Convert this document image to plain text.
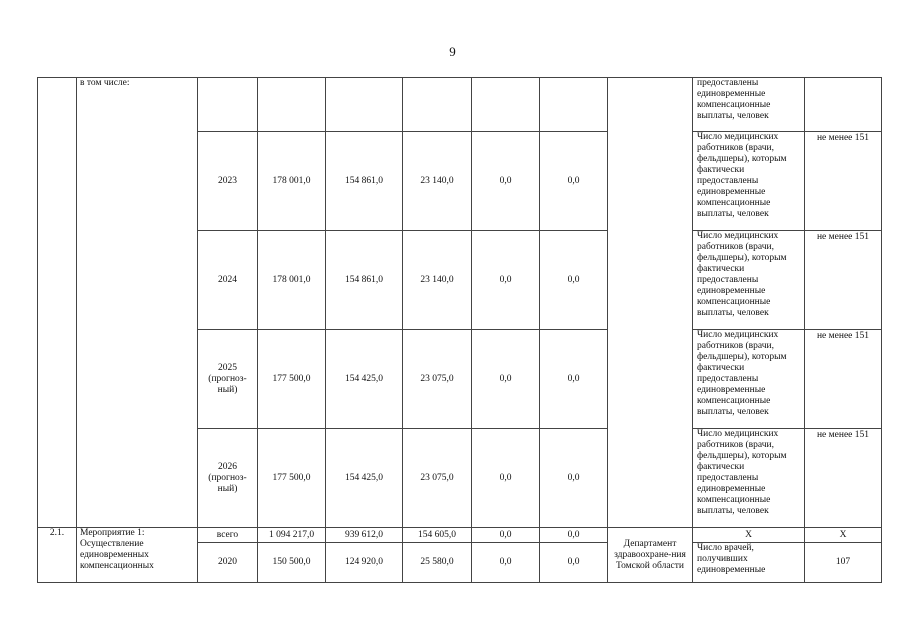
9
	в том числе:								предоставлены единовременные компенсационные выплаты, человек	
		2023	178 001,0	154 861,0	23 140,0	0,0	0,0		Число медицинских работников (врачи, фельдшеры), которым фактически предоставлены единовременные компенсационные выплаты, человек	не менее 151
		2024	178 001,0	154 861,0	23 140,0	0,0	0,0		Число медицинских работников (врачи, фельдшеры), которым фактически предоставлены единовременные компенсационные выплаты, человек	не менее 151
		2025 (прогноз-ный)	177 500,0	154 425,0	23 075,0	0,0	0,0		Число медицинских работников (врачи, фельдшеры), которым фактически предоставлены единовременные компенсационные выплаты, человек	не менее 151
		2026 (прогноз-ный)	177 500,0	154 425,0	23 075,0	0,0	0,0		Число медицинских работников (врачи, фельдшеры), которым фактически предоставлены единовременные компенсационные выплаты, человек	не менее 151
2.1.	Мероприятие 1: Осуществление единовременных компенсационных	всего	1 094 217,0	939 612,0	154 605,0	0,0	0,0	Департамент здравоохране-ния Томской области	X	X
		2020	150 500,0	124 920,0	25 580,0	0,0	0,0		Число врачей, получивших единовременные	107
